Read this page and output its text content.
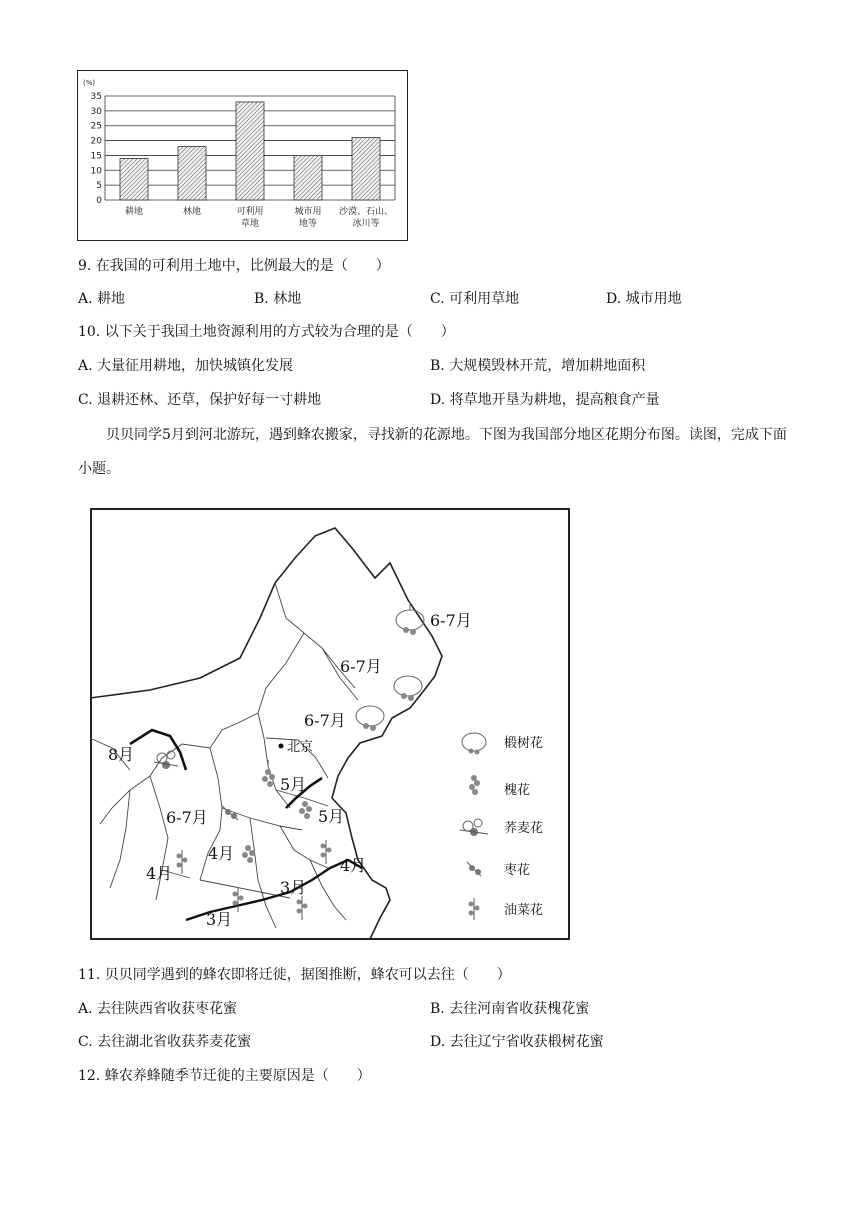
(%)
0
5
10
15
20
25
30
35
耕地	林地	可利用
草地
城市用
地等
沙漠、石山、
冰川等
9. 在我国的可利用土地中，比例最大的是（　　）
A. 耕地	B. 林地	C. 可利用草地	D. 城市用地
10. 以下关于我国土地资源利用的方式较为合理的是（　　）
A. 大量征用耕地，加快城镇化发展	B. 大规模毁林开荒，增加耕地面积
C. 退耕还林、还草，保护好每一寸耕地	D. 将草地开垦为耕地，提高粮食产量
贝贝同学5月到河北游玩，遇到蜂农搬家，寻找新的花源地。下图为我国部分地区花期分布图。读图，完成下面小题。
北京
6-7月
6-7月
6-7月
8月
5月
6-7月	5月
4月
4月	4月
3月
3月
椴树花
槐花
荞麦花
枣花
油菜花
11. 贝贝同学遇到的蜂农即将迁徙，据图推断，蜂农可以去往（　　）
A. 去往陕西省收获枣花蜜	B. 去往河南省收获槐花蜜
C. 去往湖北省收获荞麦花蜜	D. 去往辽宁省收获椴树花蜜
12. 蜂农养蜂随季节迁徙的主要原因是（　　）
